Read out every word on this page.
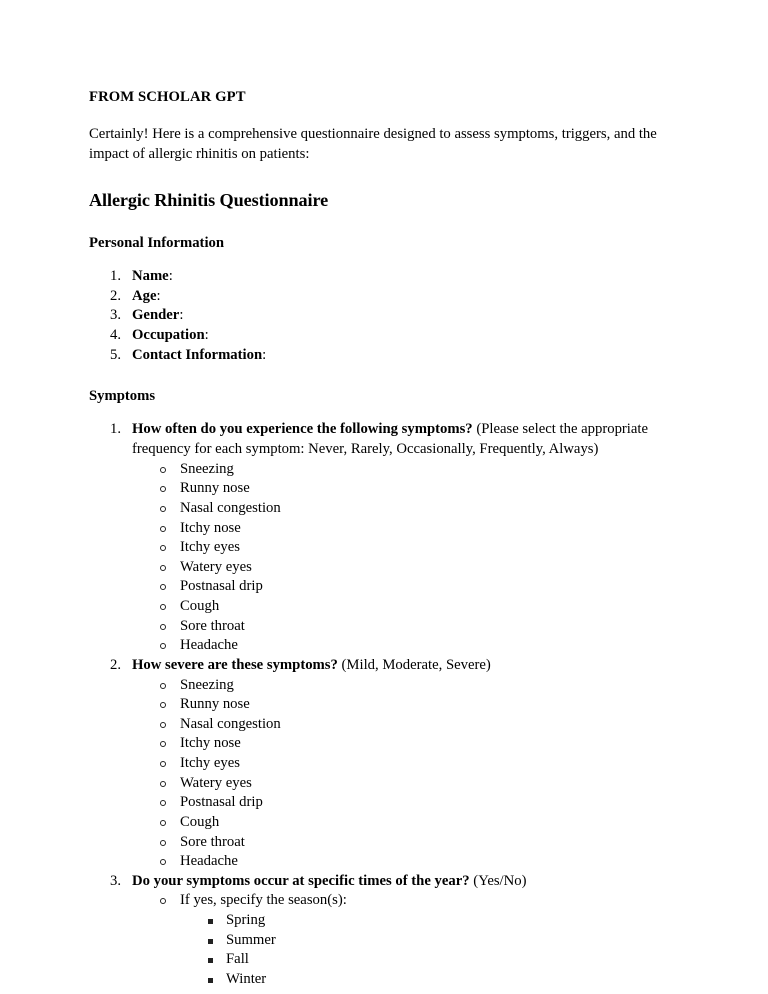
FROM SCHOLAR GPT

Certainly! Here is a comprehensive questionnaire designed to assess symptoms, triggers, and the impact of allergic rhinitis on patients:

Allergic Rhinitis Questionnaire
Personal Information
1. Name:
2. Age:
3. Gender:
4. Occupation:
5. Contact Information:
Symptoms
1. How often do you experience the following symptoms? (Please select the appropriate frequency for each symptom: Never, Rarely, Occasionally, Frequently, Always)
Sneezing
Runny nose
Nasal congestion
Itchy nose
Itchy eyes
Watery eyes
Postnasal drip
Cough
Sore throat
Headache
2. How severe are these symptoms? (Mild, Moderate, Severe)
Sneezing
Runny nose
Nasal congestion
Itchy nose
Itchy eyes
Watery eyes
Postnasal drip
Cough
Sore throat
Headache
3. Do your symptoms occur at specific times of the year? (Yes/No)
If yes, specify the season(s):
Spring
Summer
Fall
Winter
